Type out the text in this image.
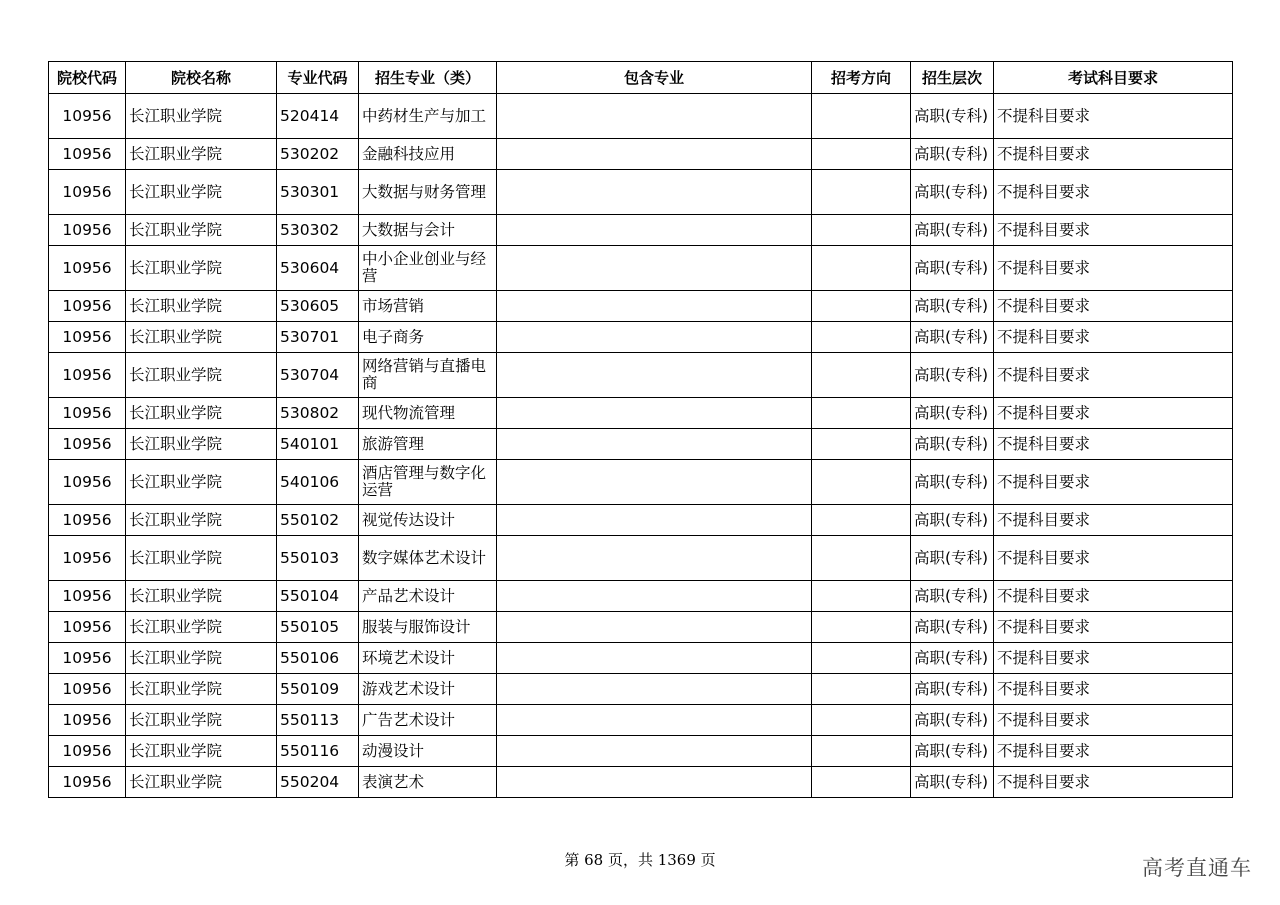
院校代码	院校名称	专业代码	招生专业（类）	包含专业	招考方向	招生层次	考试科目要求
10956	长江职业学院	520414	中药材生产与加工			高职(专科)	不提科目要求
10956	长江职业学院	530202	金融科技应用			高职(专科)	不提科目要求
10956	长江职业学院	530301	大数据与财务管理			高职(专科)	不提科目要求
10956	长江职业学院	530302	大数据与会计			高职(专科)	不提科目要求
10956	长江职业学院	530604	中小企业创业与经营			高职(专科)	不提科目要求
10956	长江职业学院	530605	市场营销			高职(专科)	不提科目要求
10956	长江职业学院	530701	电子商务			高职(专科)	不提科目要求
10956	长江职业学院	530704	网络营销与直播电商			高职(专科)	不提科目要求
10956	长江职业学院	530802	现代物流管理			高职(专科)	不提科目要求
10956	长江职业学院	540101	旅游管理			高职(专科)	不提科目要求
10956	长江职业学院	540106	酒店管理与数字化运营			高职(专科)	不提科目要求
10956	长江职业学院	550102	视觉传达设计			高职(专科)	不提科目要求
10956	长江职业学院	550103	数字媒体艺术设计			高职(专科)	不提科目要求
10956	长江职业学院	550104	产品艺术设计			高职(专科)	不提科目要求
10956	长江职业学院	550105	服装与服饰设计			高职(专科)	不提科目要求
10956	长江职业学院	550106	环境艺术设计			高职(专科)	不提科目要求
10956	长江职业学院	550109	游戏艺术设计			高职(专科)	不提科目要求
10956	长江职业学院	550113	广告艺术设计			高职(专科)	不提科目要求
10956	长江职业学院	550116	动漫设计			高职(专科)	不提科目要求
10956	长江职业学院	550204	表演艺术			高职(专科)	不提科目要求
第 68 页，共 1369 页	高考直通车
